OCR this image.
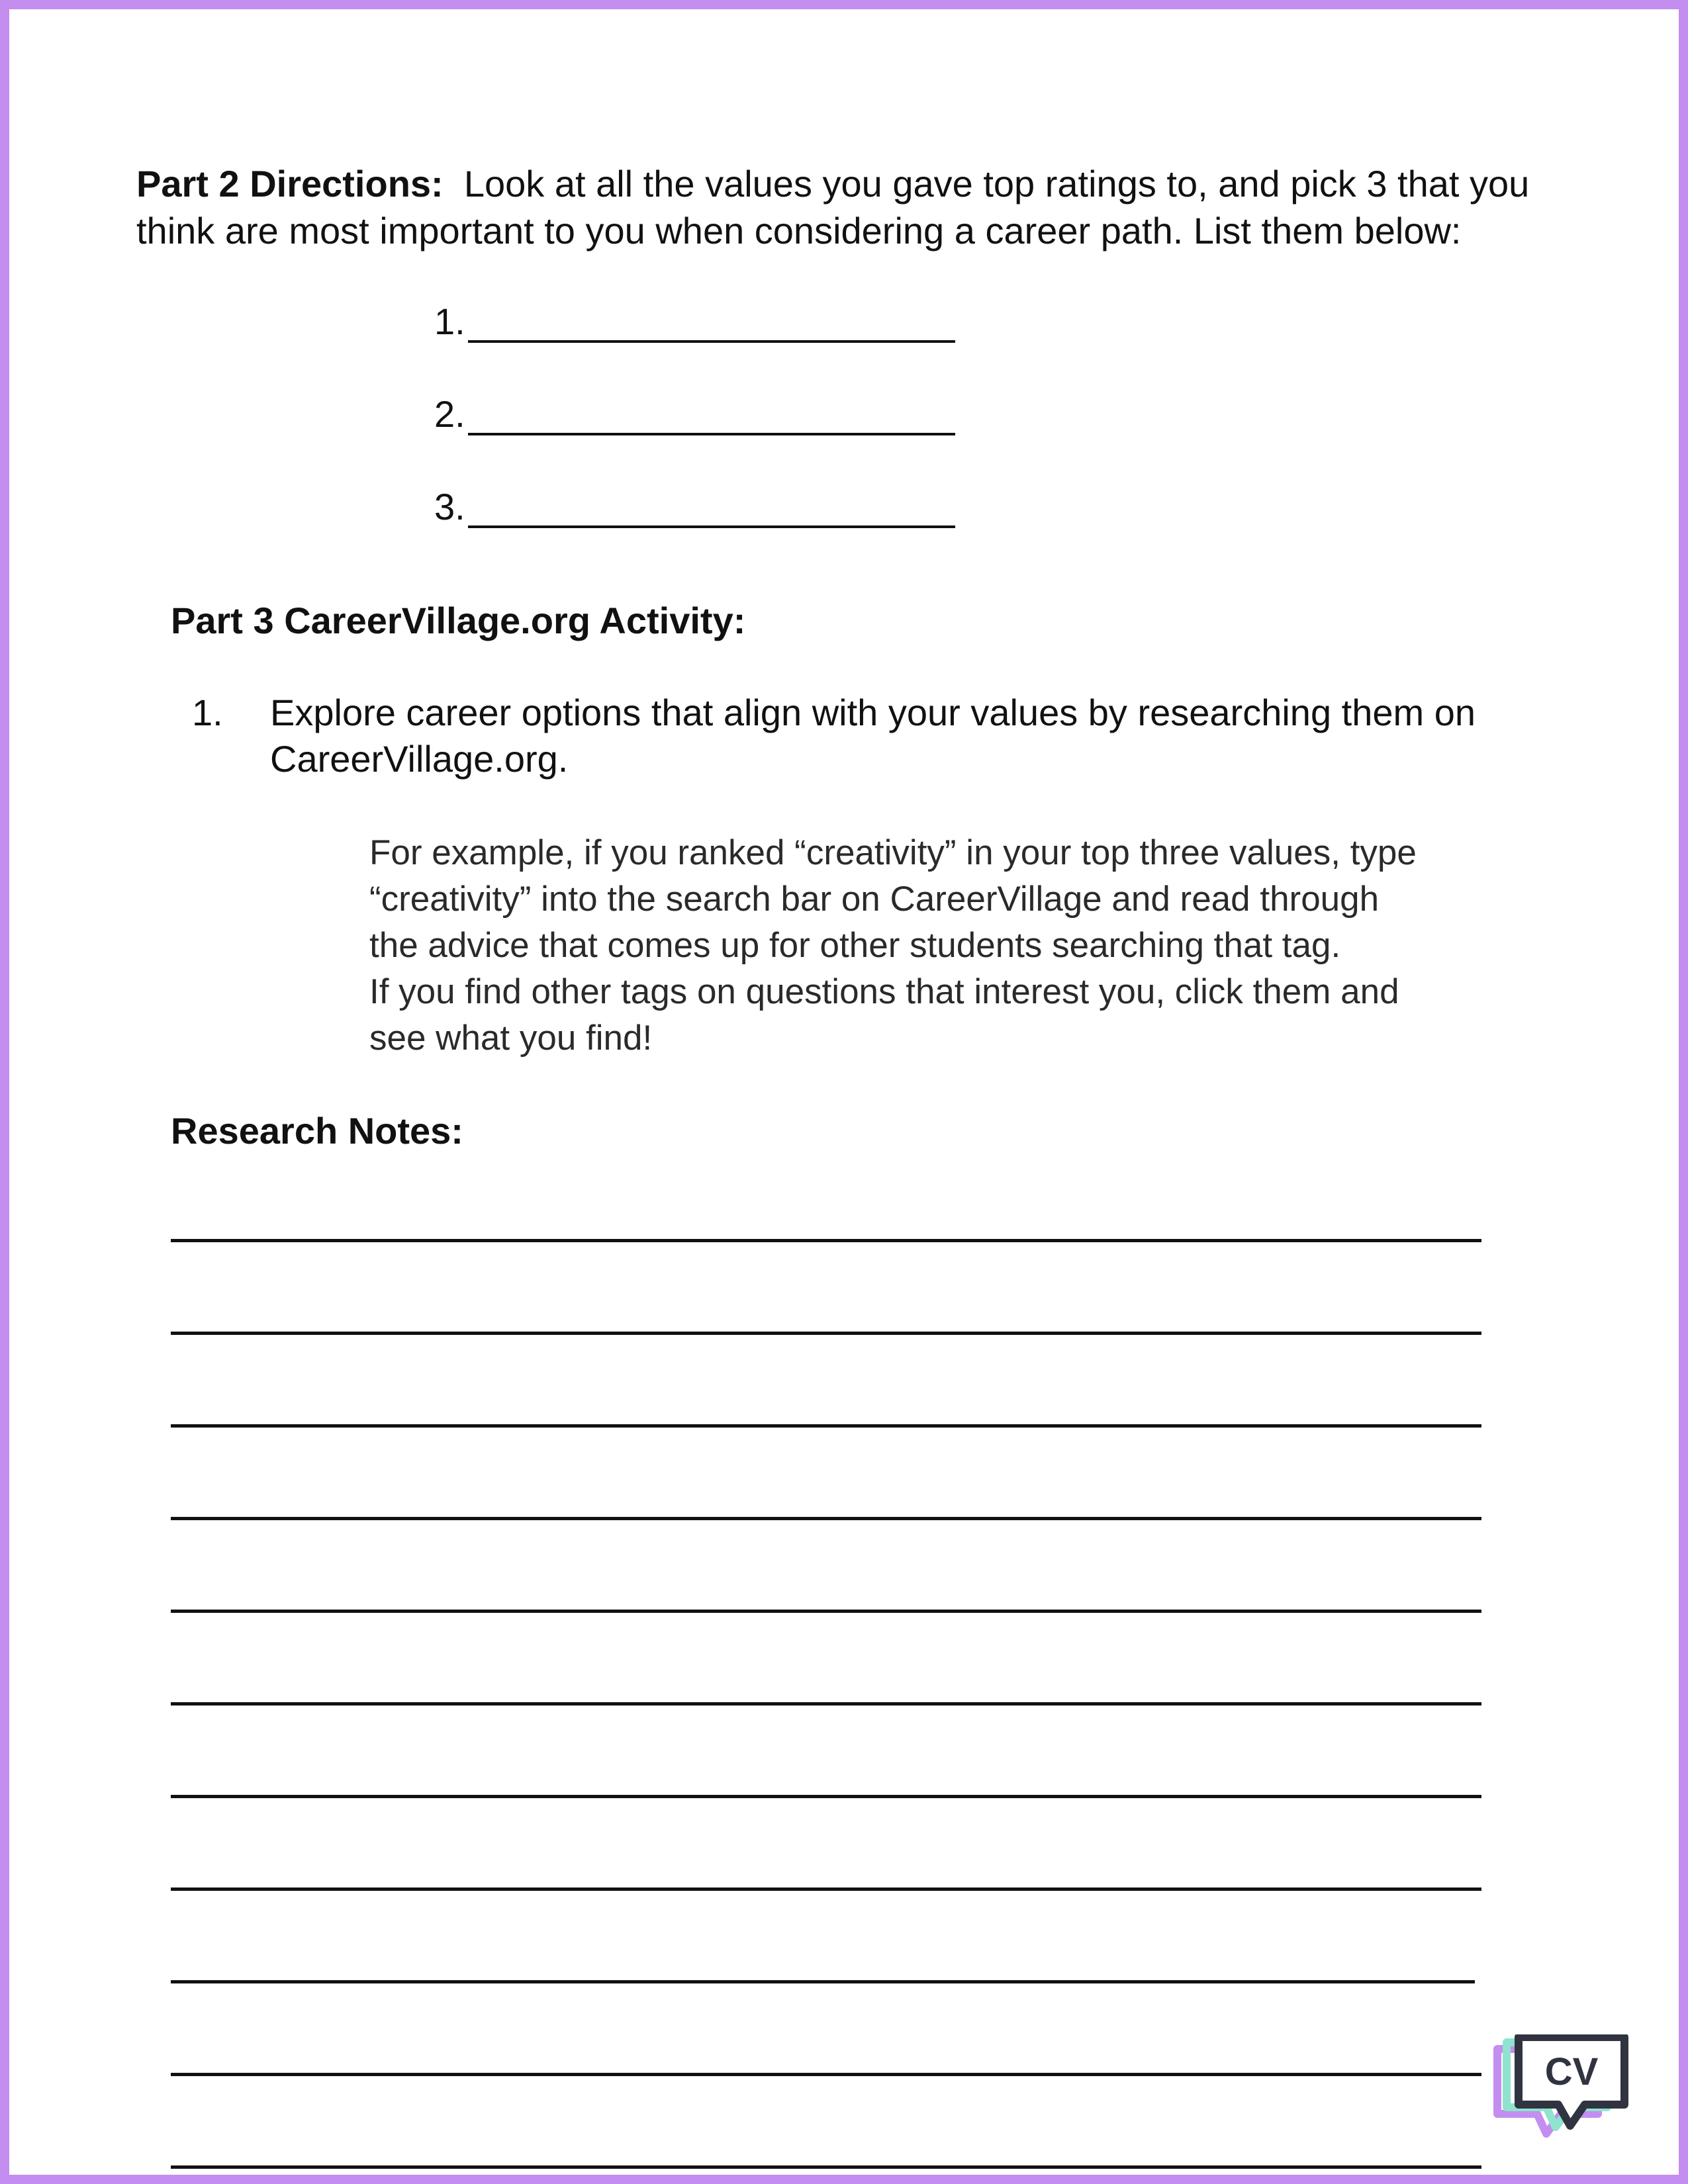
Part 2 Directions: Look at all the values you gave top ratings to, and pick 3 that you think are most important to you when considering a career path. List them below:

1.
2.
3.
Part 3 CareerVillage.org Activity:
1. Explore career options that align with your values by researching them on CareerVillage.org.
For example, if you ranked “creativity” in your top three values, type
“creativity” into the search bar on CareerVillage and read through
the advice that comes up for other students searching that tag.
If you find other tags on questions that interest you, click them and
see what you find!
Research Notes:
CV
